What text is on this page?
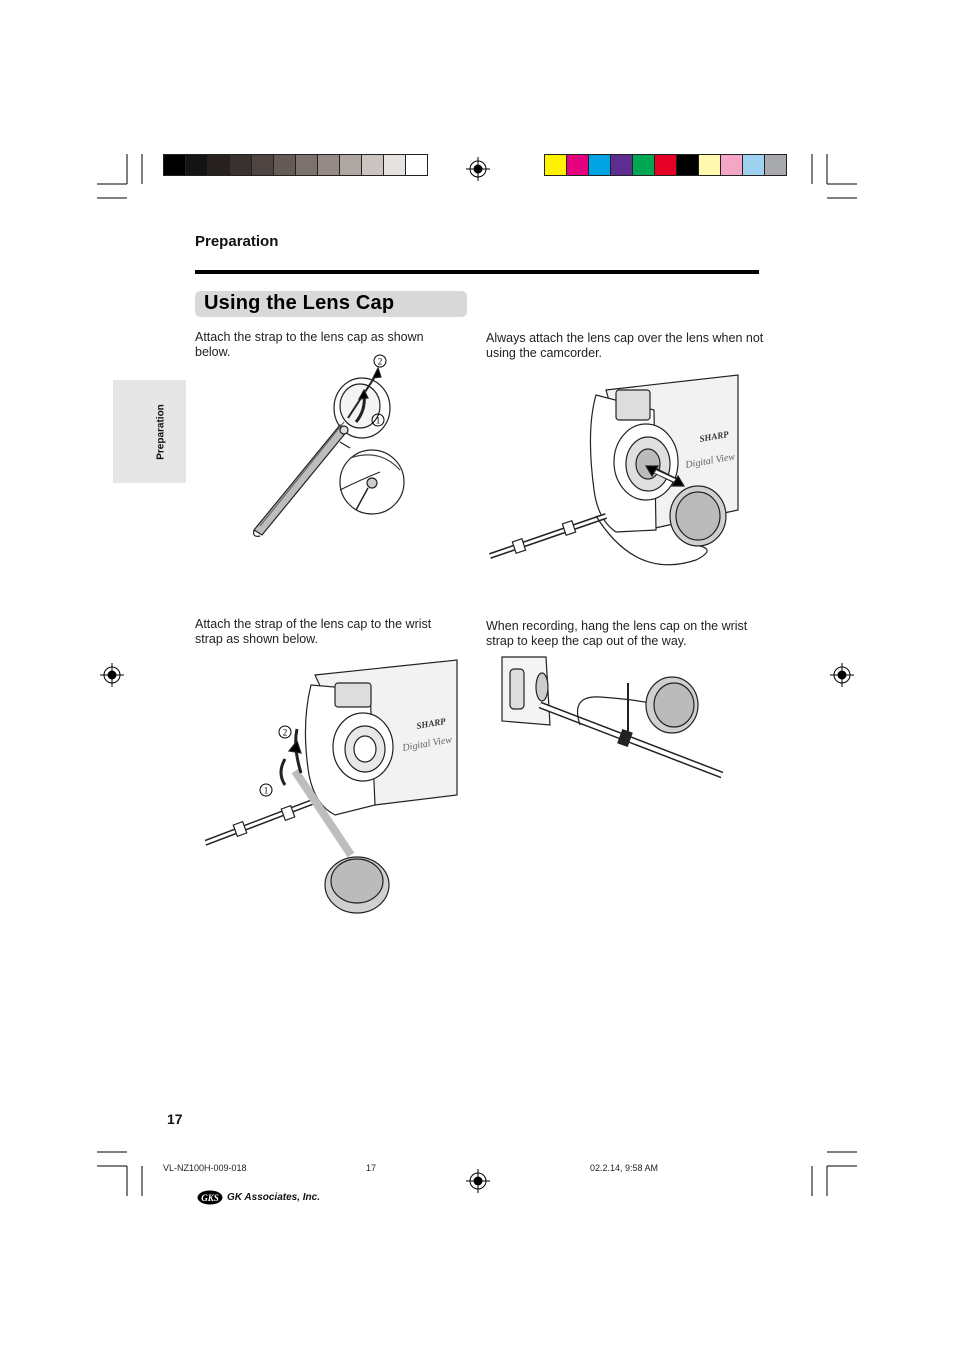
Preparation
Using the Lens Cap
Preparation
Attach the strap to the lens cap as shown below.
Always attach the lens cap over the lens when not using the camcorder.
Attach the strap of the lens cap to the wrist strap as shown below.
When recording, hang the lens cap on the wrist strap to keep the cap out of the way.
2
1
SHARP
Digital View
SHARP
Digital View
2
1
17
VL-NZ100H-009-018	17	02.2.14, 9:58 AM
GKS GK Associates, Inc.
